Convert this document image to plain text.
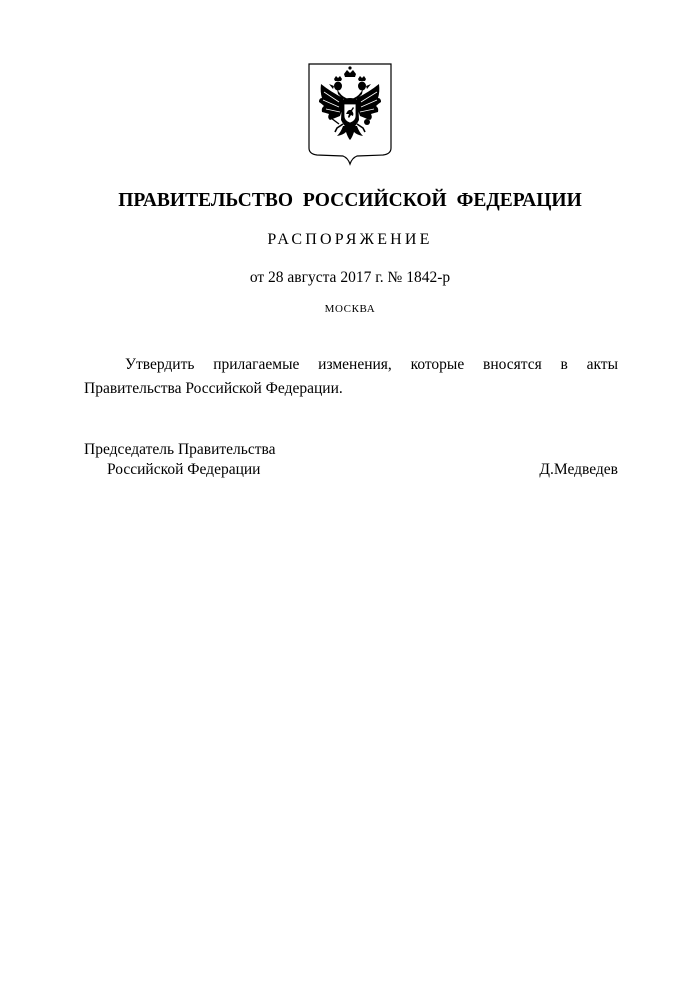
ПРАВИТЕЛЬСТВО РОССИЙСКОЙ ФЕДЕРАЦИИ
РАСПОРЯЖЕНИЕ
от 28 августа 2017 г. № 1842-р
МОСКВА

Утвердить прилагаемые изменения, которые вносятся в акты Правительства Российской Федерации.

Председатель Правительства
Российской Федерации	Д.Медведев
